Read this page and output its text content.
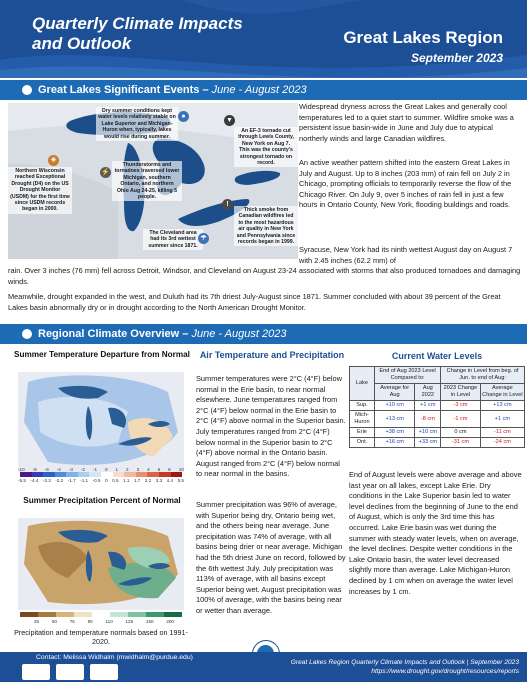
Quarterly Climate Impacts
and Outlook	Great Lakes Region
September 2023
Great Lakes Significant Events – June - August 2023
Dry summer conditions kept water levels relatively stable on Lake Superior and Michigan-Huron when, typically, lakes would rise during summer.
An EF-3 tornado cut through Lewis County, New York on Aug 7. This was the county's strongest tornado on record.
Northern Wisconsin reached Exceptional Drought (D4) on the US Drought Monitor (USDM) for the first time since USDM records began in 2000.
Thunderstorms and tornadoes traversed lower Michigan, southern Ontario, and northern Ohio Aug 24-25, killing 5 people.
Thick smoke from Canadian wildfires led to the most hazardous air quality in New York and Pennsylvania since records began in 1999.
The Cleveland area had its 3rd wettest summer since 1871.
☀
●
▼
⚡
!
☂
Widespread dryness across the Great Lakes and generally cool temperatures led to a quiet start to summer. Wildfire smoke was a persistent issue basin-wide in June and July due to atypical northerly winds and large Canadian wildfires.
An active weather pattern shifted into the eastern Great Lakes in July and August. Up to 8 inches (203 mm) of rain fell on July 2 in Chicago, prompting officials to temporarily reverse the flow of the Chicago River. On July 9, over 5 inches of rain fell in just a few hours in Ontario County, New York, flooding buildings and roads.
Syracuse, New York had its ninth wettest August day on August 7 with 2.45 inches (62.2 mm) of
rain. Over 3 inches (76 mm) fell across Detroit, Windsor, and Cleveland on August 23-24 associated with storms that also produced tornadoes and damaging winds.
Meanwhile, drought expanded in the west, and Duluth had its 7th driest July-August since 1871. Summer concluded with about 39 percent of the Great Lakes basin abnormally dry or in drought according to the North American Drought Monitor.
Regional Climate Overview – June - August 2023
Summer Temperature Departure from Normal
-10 -8 -6 -4 -3 -2 -1 0 1 2 3 4 6 8 10
-5.5 -4.4 -3.3 -2.2 -1.7 -1.1 -0.5 0 0.5 1.1 1.7 2.2 3.3 4.4 5.5
Summer Precipitation Percent of Normal
25	50	75	90	110	125	150	200
Precipitation and temperature normals based on 1991-2020.
Air Temperature and Precipitation
Summer temperatures were 2°C (4°F) below normal in the Erie basin, to near normal elsewhere. June temperatures ranged from 2°C (4°F) below normal in the Erie basin to 2°C (4°F) above normal in the Superior basin. July temperatures ranged from 2°C (4°F) below normal in the Superior basin to 2°C (4°F) above normal in the Ontario basin. August ranged from 2°C (4°F) below normal to near normal in the basins.
Summer precipitation was 96% of average, with Superior being dry, Ontario being wet, and the others being near average. June precipitation was 74% of average, with all basins being drier or near average. Michigan had the 5th driest June on record, followed by the 6th wettest July. July precipitation was 113% of average, with all basins except Superior being wet. August precipitation was 100% of average, with the basins being near or wetter than average.
Current Water Levels
Lake	End of Aug 2023 Level Compared to:		Change in Level from beg. of Jun. to end of Aug:	
	Average for Aug	Aug 2022	2023 Change in Level	Average Change in Level
Sup.	+10 cm	+1 cm	-3 cm	+13 cm
Mich-Huron	+13 cm	-8 cm	-1 cm	+1 cm
Erie	+38 cm	+10 cm	0 cm	-11 cm
Ont.	+16 cm	+33 cm	-31 cm	-24 cm
End of August levels were above average and above last year on all lakes, except Lake Erie. Dry conditions in the Lake Superior basin led to water level declines from the beginning of June to the end of August, which is only the 3rd time this has occurred. Lake Erie basin was wet during the summer with steady water levels, when on average, the level declines. Despite wetter conditions in the Lake Ontario basin, the water level decreased slightly more than average. Lake Michigan-Huron declined by 1 cm when on average the water level increases by 1 cm.
Contact: Melissa Widhalm (mwidhalm@purdue.edu)
Great Lakes Region Quarterly Climate Impacts and Outlook | September 2023
https://www.drought.gov/drought/resources/reports
